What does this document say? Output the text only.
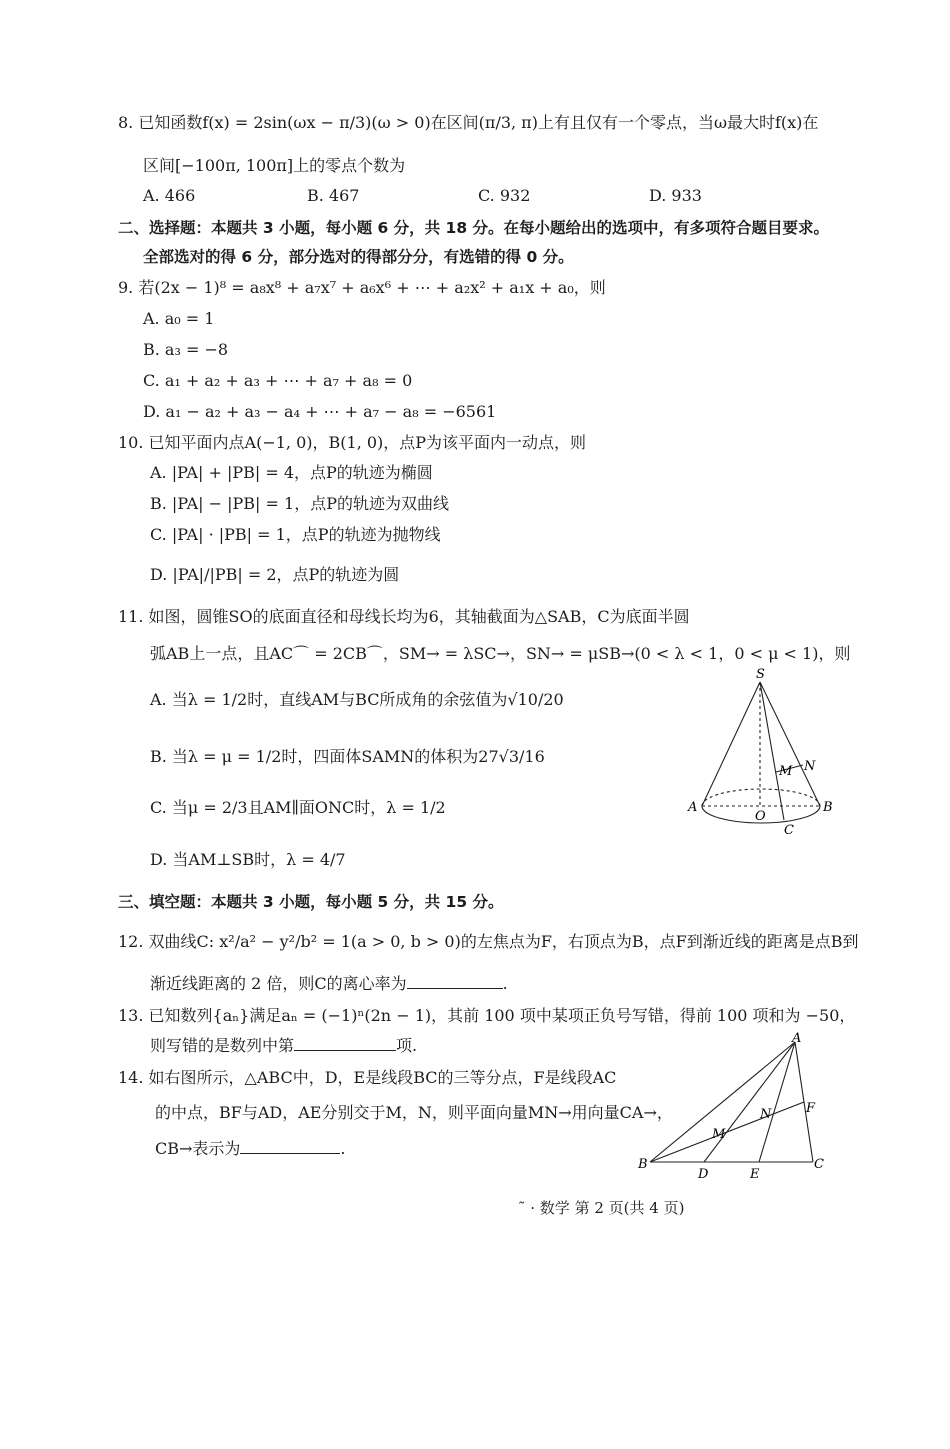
8. 已知函数f(x) = 2sin(ωx − π/3)(ω > 0)在区间(π/3, π)上有且仅有一个零点，当ω最大时f(x)在
区间[−100π, 100π]上的零点个数为
A. 466	B. 467	C. 932	D. 933
二、选择题：本题共 3 小题，每小题 6 分，共 18 分。在每小题给出的选项中，有多项符合题目要求。
全部选对的得 6 分，部分选对的得部分分，有选错的得 0 分。
9. 若(2x − 1)⁸ = a₈x⁸ + a₇x⁷ + a₆x⁶ + ⋯ + a₂x² + a₁x + a₀，则
A. a₀ = 1
B. a₃ = −8
C. a₁ + a₂ + a₃ + ⋯ + a₇ + a₈ = 0
D. a₁ − a₂ + a₃ − a₄ + ⋯ + a₇ − a₈ = −6561
10. 已知平面内点A(−1, 0)，B(1, 0)，点P为该平面内一动点，则
A. |PA| + |PB| = 4，点P的轨迹为椭圆
B. |PA| − |PB| = 1，点P的轨迹为双曲线
C. |PA| · |PB| = 1，点P的轨迹为抛物线
D. |PA|/|PB| = 2，点P的轨迹为圆
11. 如图，圆锥SO的底面直径和母线长均为6，其轴截面为△SAB，C为底面半圆
弧AB上一点，且AC⌒ = 2CB⌒，SM→ = λSC→，SN→ = μSB→(0 < λ < 1，0 < μ < 1)，则
A. 当λ = 1/2时，直线AM与BC所成角的余弦值为√10/20
B. 当λ = μ = 1/2时，四面体SAMN的体积为27√3/16
C. 当μ = 2/3且AM∥面ONC时，λ = 1/2
D. 当AM⊥SB时，λ = 4/7
S
A	B
O
C
M N
三、填空题：本题共 3 小题，每小题 5 分，共 15 分。
12. 双曲线C: x²/a² − y²/b² = 1(a > 0, b > 0)的左焦点为F，右顶点为B，点F到渐近线的距离是点B到
渐近线距离的 2 倍，则C的离心率为	.
13. 已知数列{aₙ}满足aₙ = (−1)ⁿ(2n − 1)，其前 100 项中某项正负号写错，得前 100 项和为 −50，
则写错的是数列中第	项.
14. 如右图所示，△ABC中，D，E是线段BC的三等分点，F是线段AC
的中点，BF与AD，AE分别交于M，N，则平面向量MN→用向量CA→，
CB→表示为	.
A
B	C
D	E
F
M
N
˜ · 数学 第 2 页(共 4 页)
